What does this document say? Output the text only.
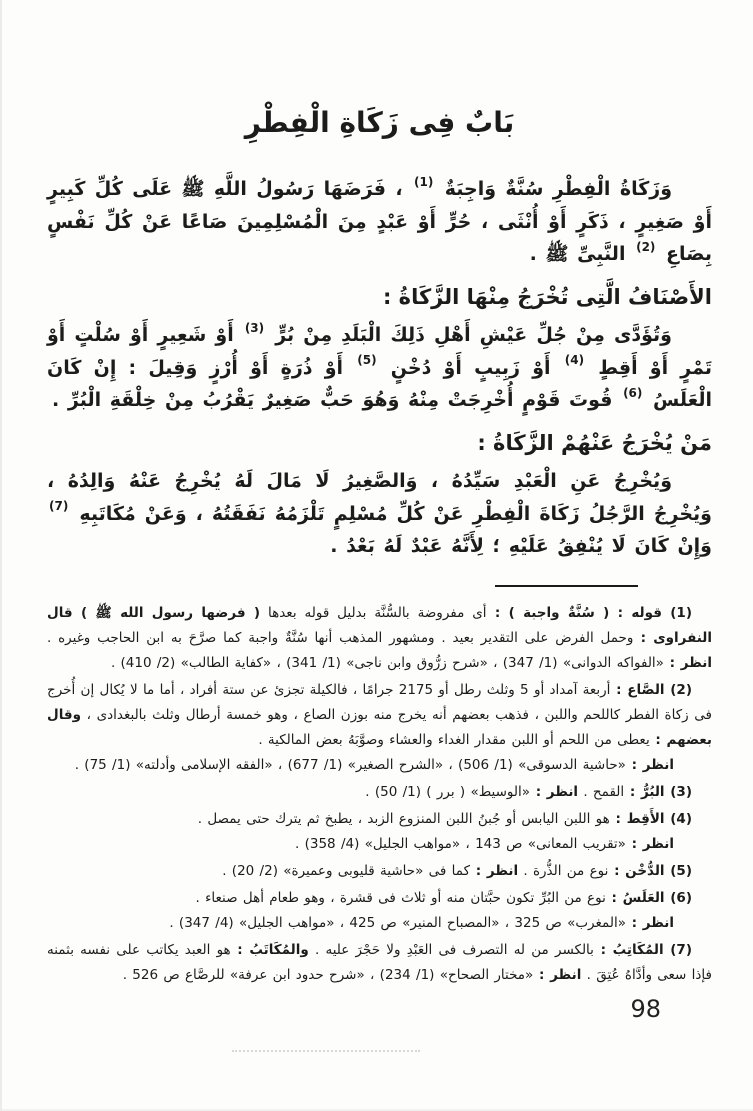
بَابٌ فِى زَكَاةِ الْفِطْرِ

وَزَكَاةُ الْفِطْرِ سُنَّةٌ وَاجِبَةٌ $^{(1)}$ ، فَرَضَهَا رَسُولُ اللَّهِ ﷺ عَلَى كُلِّ كَبِيرٍ أَوْ صَغِيرٍ ، ذَكَرٍ أَوْ أُنْثَى ، حُرٍّ أَوْ عَبْدٍ مِنَ الْمُسْلِمِينَ صَاعًا عَنْ كُلِّ نَفْسٍ بِصَاعِ $^{(2)}$ النَّبِىِّ ﷺ .

الأَصْنَافُ الَّتِى تُخْرَجُ مِنْهَا الزَّكَاةُ :

وَتُؤَدَّى مِنْ جُلِّ عَيْشِ أَهْلِ ذَلِكَ الْبَلَدِ مِنْ بُرٍّ $^{(3)}$ أَوْ شَعِيرٍ أَوْ سُلْتٍ أَوْ تَمْرٍ أَوْ أَقِطٍ $^{(4)}$ أَوْ زَبِيبٍ أَوْ دُخْنٍ $^{(5)}$ أَوْ ذُرَةٍ أَوْ أُرْزٍ وَقِيلَ : إِنْ كَانَ الْعَلَسُ $^{(6)}$ قُوتَ قَوْمٍ أُخْرِجَتْ مِنْهُ وَهُوَ حَبٌّ صَغِيرٌ يَقْرُبُ مِنْ خِلْقَةِ الْبُرِّ .

مَنْ يُخْرَجُ عَنْهُمْ الزَّكَاةُ :

وَيُخْرِجُ عَنِ الْعَبْدِ سَيِّدُهُ ، وَالصَّغِيرُ لَا مَالَ لَهُ يُخْرِجُ عَنْهُ وَالِدُهُ ، وَيُخْرِجُ الرَّجُلُ زَكَاةَ الْفِطْرِ عَنْ كُلِّ مُسْلِمٍ تَلْزَمُهُ نَفَقَتُهُ ، وَعَنْ مُكَاتَبِهِ $^{(7)}$ وَإِنْ كَانَ لَا يُنْفِقُ عَلَيْهِ ؛ لِأَنَّهُ عَبْدٌ لَهُ بَعْدُ .

(1) قوله : ( سُنَّةٌ واجبة ) : أى مفروضة بالسُّنَّة بدليل قوله بعدها ( فرضها رسول الله ﷺ ) قال النفراوى : وحمل الفرض على التقدير بعيد . ومشهور المذهب أنها سُنَّةٌ واجبة كما صرَّحَ به ابن الحاجب وغيره . انظر : «الفواكه الدوانى» (1/ 347) ، «شرح زرُّوق وابن ناجى» (1/ 341) ، «كفاية الطالب» (2/ 410) .

(2) الصَّاع : أربعة آمداد أو 5 وثلث رطل أو 2175 جرامًا ، فالكيلة تجزئ عن ستة أفراد ، أما ما لا يُكال إن أُخرج فى زكاة الفطر كاللحم واللبن ، فذهب بعضهم أنه يخرج منه بوزن الصاع ، وهو خمسة أرطال وثلث بالبغدادى ، وقال بعضهم : يعطى من اللحم أو اللبن مقدار الغداء والعشاء وصوَّبَهُ بعض المالكية .

انظر : «حاشية الدسوقى» (1/ 506) ، «الشرح الصغير» (1/ 677) ، «الفقه الإسلامى وأدلته» (1/ 75) .

(3) البُرُّ : القمح . انظر : «الوسيط» ( برر ) (1/ 50) .

(4) الأَقِط : هو اللبن اليابس أو جُبنُ اللبن المنزوع الزبد ، يطبخ ثم يترك حتى يمصل .

انظر : «تقريب المعانى» ص 143 ، «مواهب الجليل» (4/ 358) .

(5) الدُّخْن : نوع من الذُّرة . انظر : كما فى «حاشية قليوبى وعميرة» (2/ 20) .

(6) العَلَسُ : نوع من البُرِّ تكون حبَّتان منه أو ثلاث فى قشرة ، وهو طعام أهل صنعاء .

انظر : «المغرب» ص 325 ، «المصباح المنير» ص 425 ، «مواهب الجليل» (4/ 347) .

(7) المُكَاتِبُ : بالكسر من له التصرف فى العَبْدِ ولا حَجْرَ عليه . والمُكَاتَبُ : هو العبد يكاتب على نفسه بثمنه فإذا سعى وأدَّاهُ عُتِقَ . انظر : «مختار الصحاح» (1/ 234) ، «شرح حدود ابن عرفة» للرصَّاع ص 526 .

98
